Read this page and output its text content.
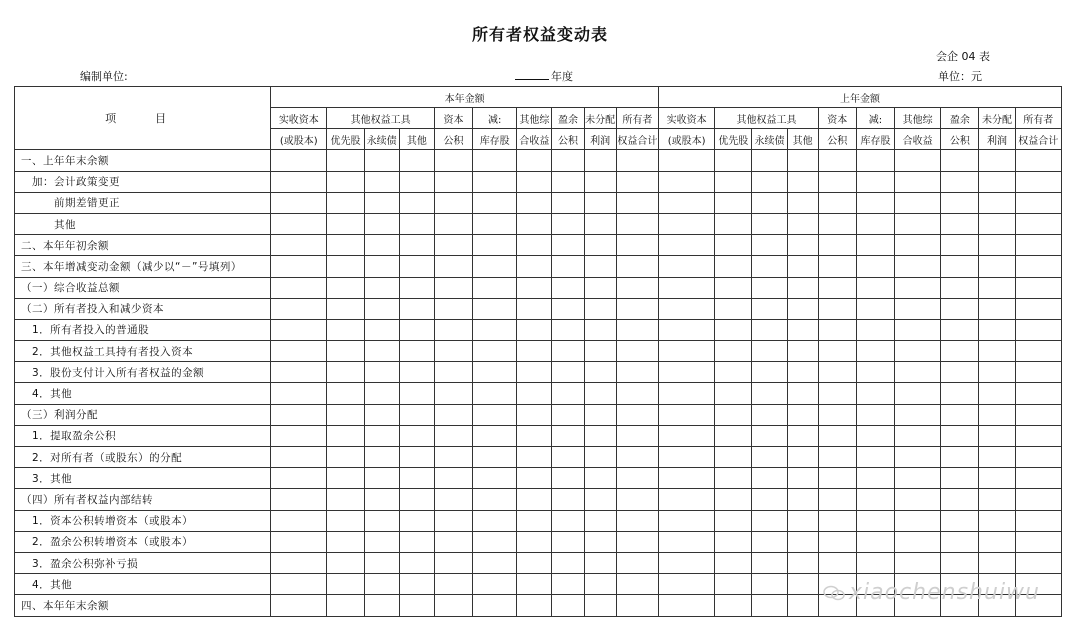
所有者权益变动表
会企 04 表
编制单位:	年度	单位：元
项　目	本年金额										上年金额									
	实收资本	其他权益工具			资本	减:	其他综	盈余	未分配	所有者	实收资本	其他权益工具			资本	减:	其他综	盈余	未分配	所有者
	(或股本)	优先股	永续债	其他	公积	库存股	合收益	公积	利润	权益合计	(或股本)	优先股	永续债	其他	公积	库存股	合收益	公积	利润	权益合计
一、上年年末余额																				
　加：会计政策变更																				
　　　前期差错更正																				
　　　其他																				
二、本年年初余额																				
三、本年增减变动金额（减少以“－”号填列）																				
（一）综合收益总额																				
（二）所有者投入和减少资本																				
　1．所有者投入的普通股																				
　2．其他权益工具持有者投入资本																				
　3．股份支付计入所有者权益的金额																				
　4．其他																				
（三）利润分配																				
　1．提取盈余公积																				
　2．对所有者（或股东）的分配																				
　3．其他																				
（四）所有者权益内部结转																				
　1．资本公积转增资本（或股本）																				
　2．盈余公积转增资本（或股本）																				
　3．盈余公积弥补亏损																				
　4．其他																				
四、本年年末余额																				
xiaochenshuiwu
